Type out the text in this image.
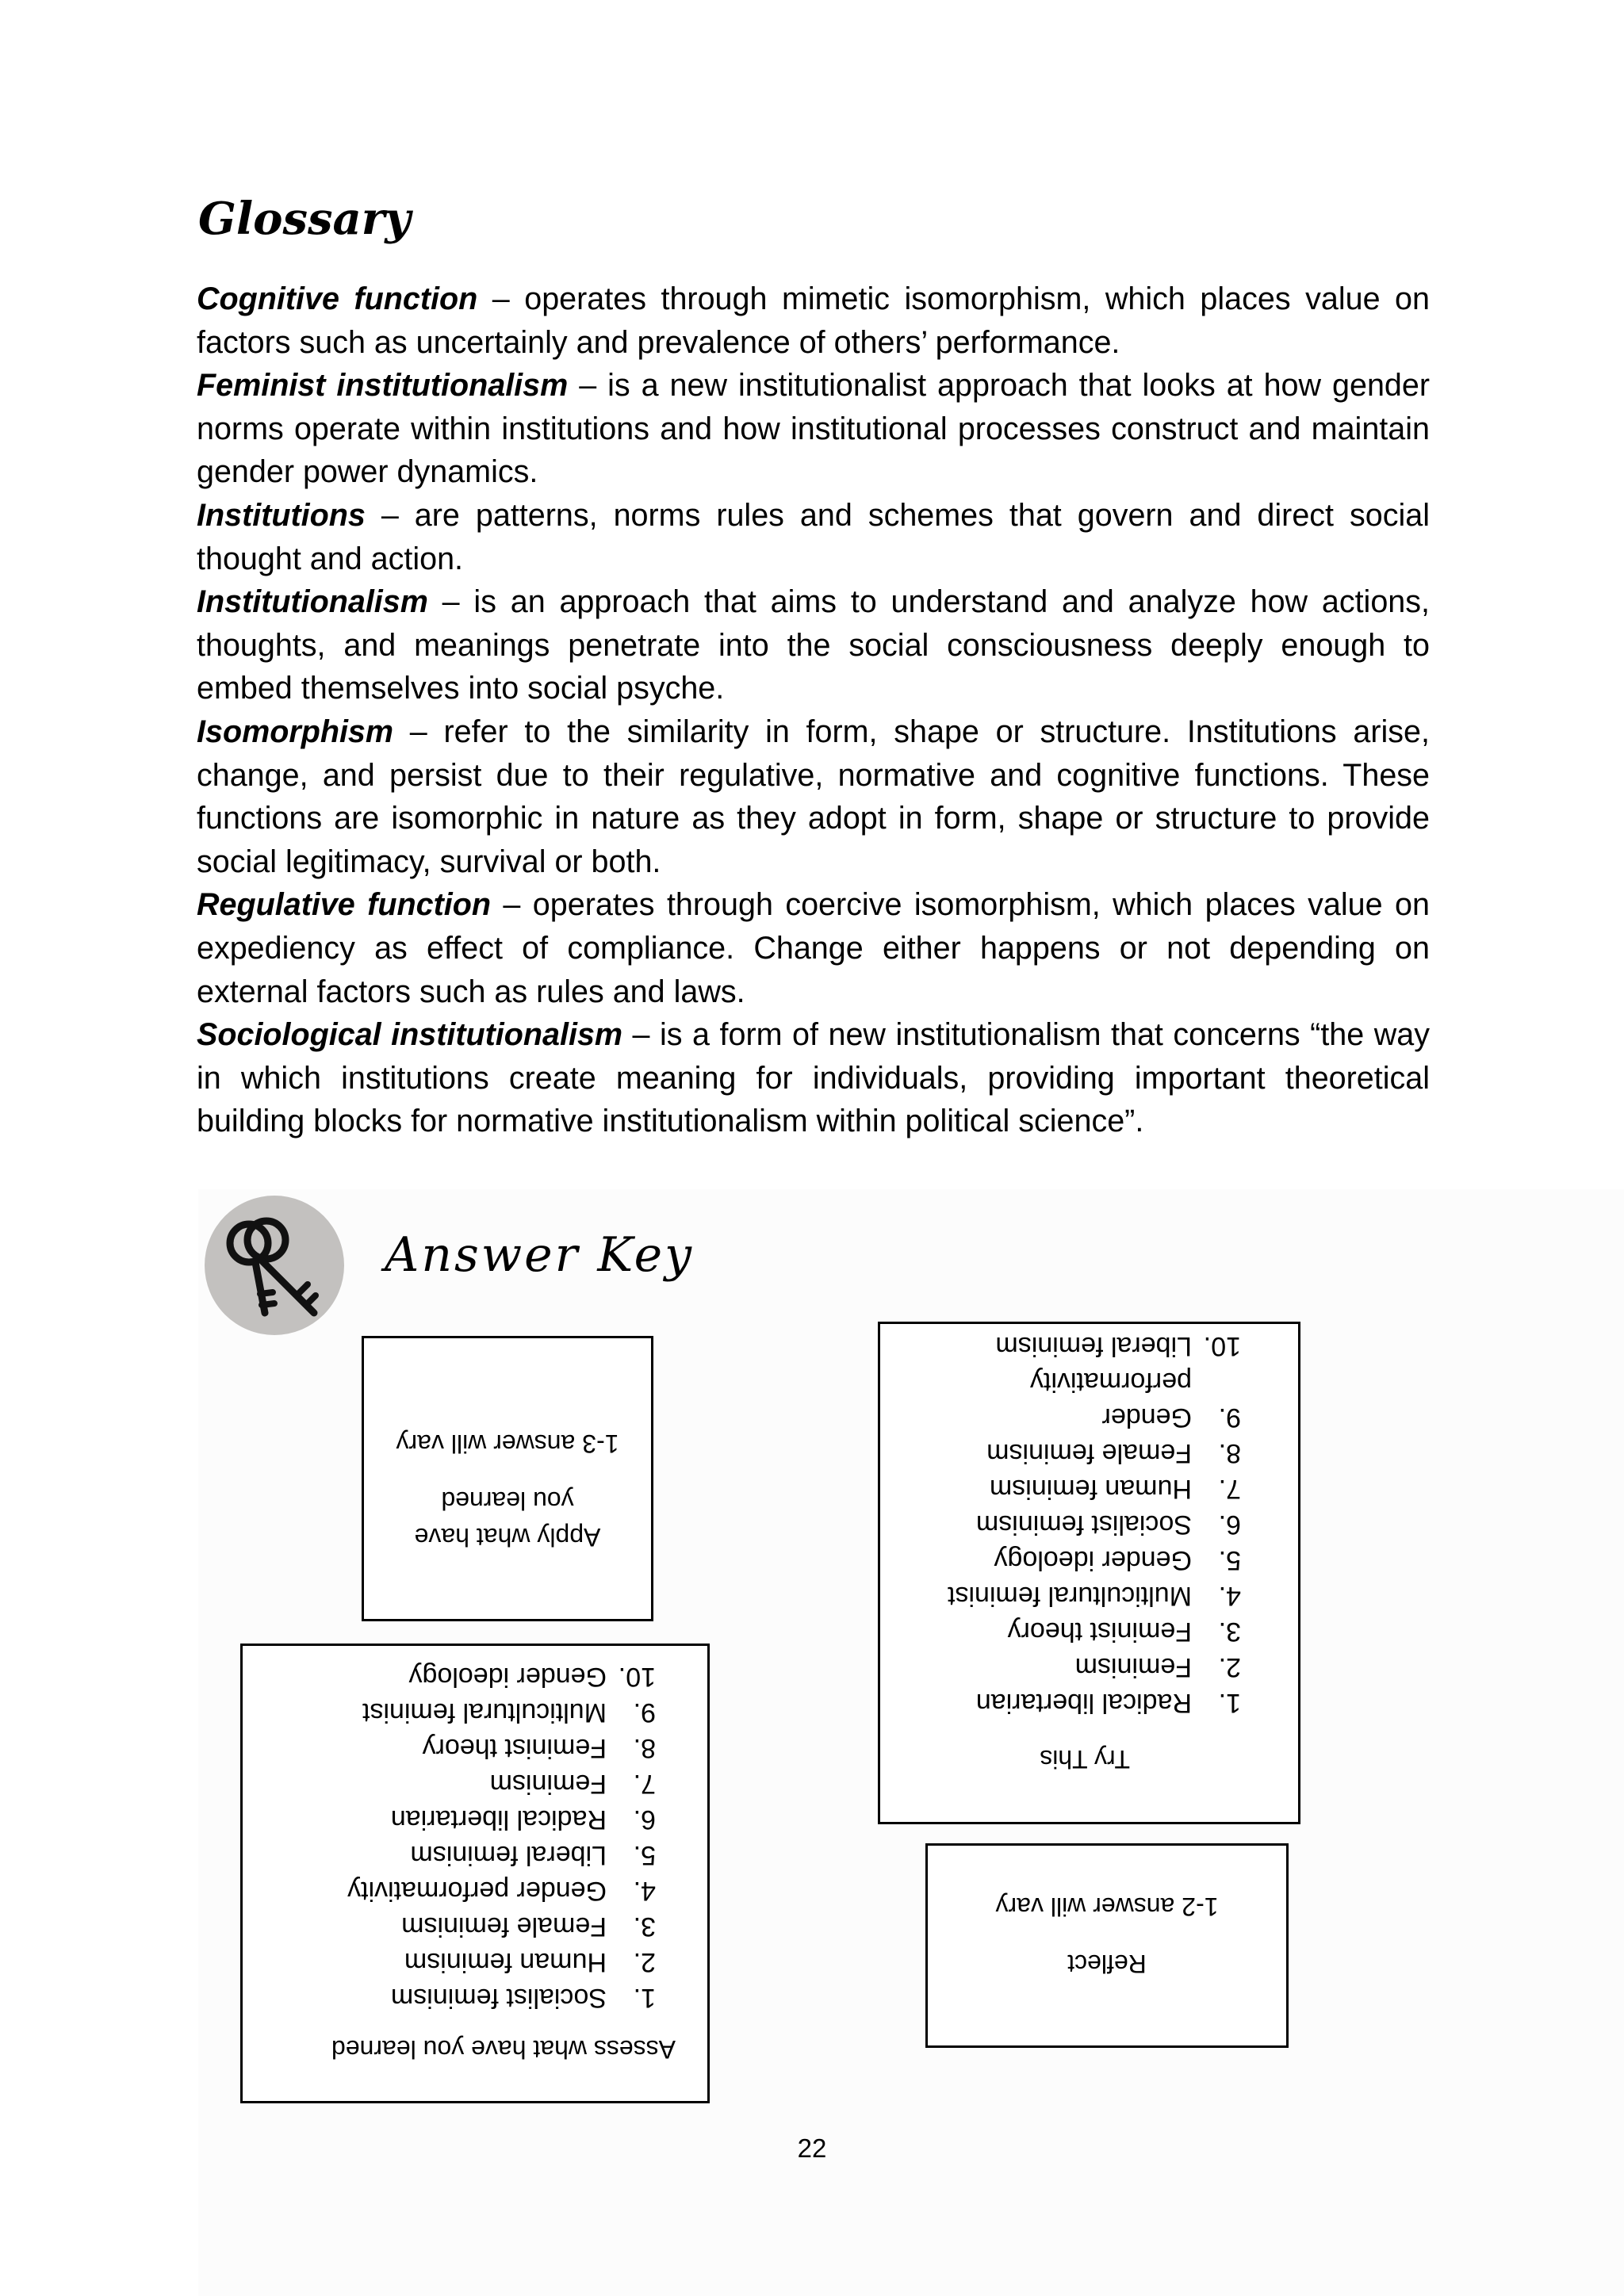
Glossary

Cognitive function – operates through mimetic isomorphism, which places value on factors such as uncertainly and prevalence of others’ performance.

Feminist institutionalism – is a new institutionalist approach that looks at how gender norms operate within institutions and how institutional processes construct and maintain gender power dynamics.

Institutions – are patterns, norms rules and schemes that govern and direct social thought and action.

Institutionalism – is an approach that aims to understand and analyze how actions, thoughts, and meanings penetrate into the social consciousness deeply enough to embed themselves into social psyche.

Isomorphism – refer to the similarity in form, shape or structure. Institutions arise, change, and persist due to their regulative, normative and cognitive functions. These functions are isomorphic in nature as they adopt in form, shape or structure to provide social legitimacy, survival or both.

Regulative function – operates through coercive isomorphism, which places value on expediency as effect of compliance. Change either happens or not depending on external factors such as rules and laws.

Sociological institutionalism – is a form of new institutionalism that concerns “the way in which institutions create meaning for individuals, providing important theoretical building blocks for normative institutionalism within political science”.

Answer Key
Try This
1.Radical libertarian
2.Feminism
3.Feminist theory
4.Multicultural feminist
5.Gender ideology
6.Socialist feminism
7.Human feminism
8.Female feminism
9.Gender
performativity
10.Liberal feminism
Apply what have
you learned
1-3 answer will vary
Reflect
1-2 answer will vary
Assess what have you learned
1.Socialist feminism
2.Human feminism
3.Female feminism
4.Gender performativity
5.Liberal feminism
6.Radical libertarian
7.Feminism
8.Feminist theory
9.Multicultural feminist
10.Gender ideology
22
